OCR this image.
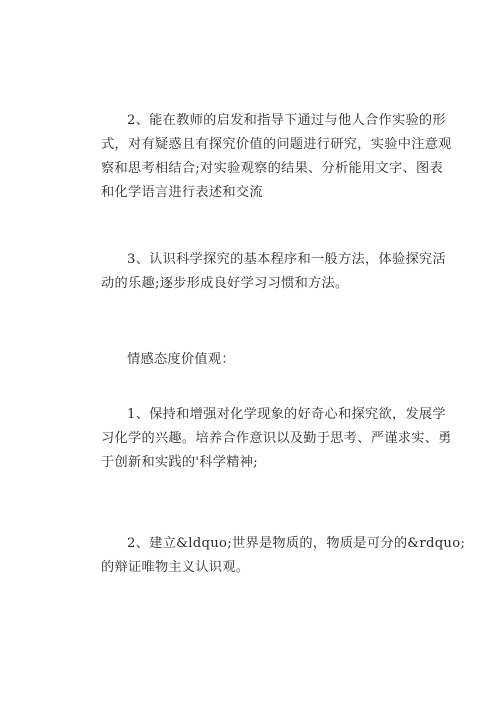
2、能在教师的启发和指导下通过与他人合作实验的形
式，对有疑惑且有探究价值的问题进行研究，实验中注意观
察和思考相结合;对实验观察的结果、分析能用文字、图表
和化学语言进行表述和交流

3、认识科学探究的基本程序和一般方法，体验探究活
动的乐趣;逐步形成良好学习习惯和方法。

情感态度价值观：

1、保持和增强对化学现象的好奇心和探究欲，发展学
习化学的兴趣。培养合作意识以及勤于思考、严谨求实、勇
于创新和实践的'科学精神;

2、建立&ldquo;世界是物质的，物质是可分的&rdquo;
的辩证唯物主义认识观。
